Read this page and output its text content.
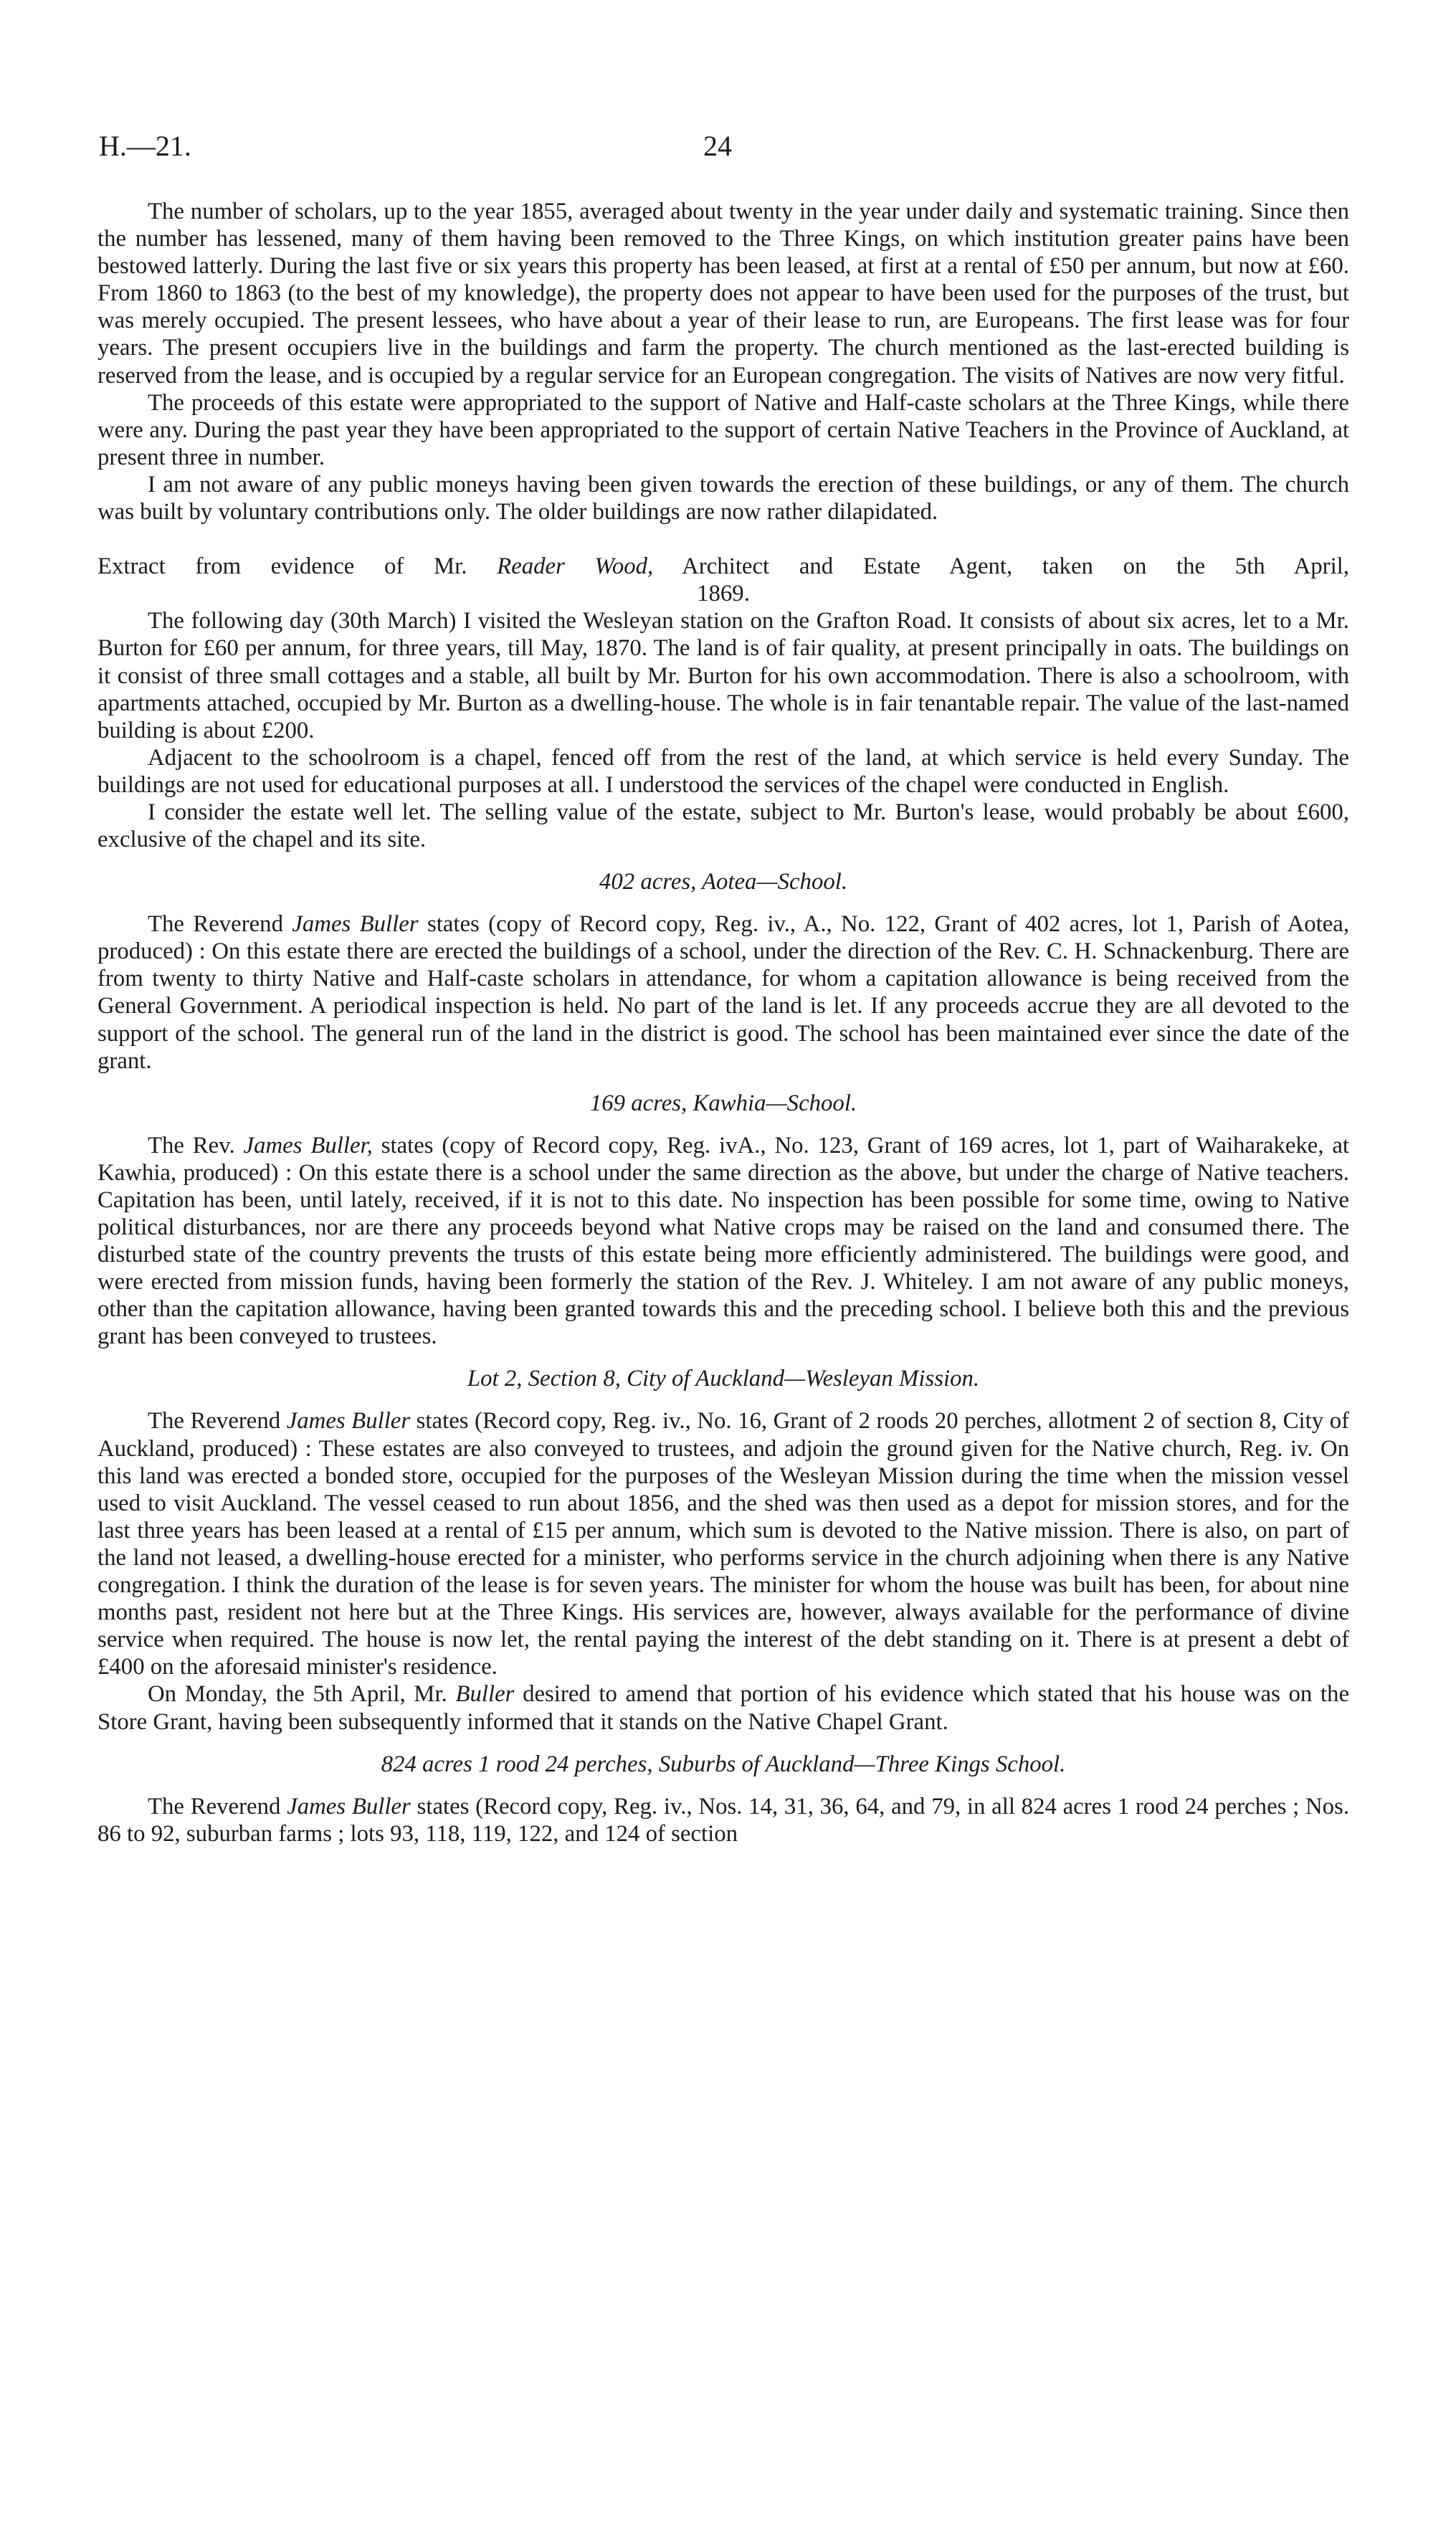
H.—21.	24

The number of scholars, up to the year 1855, averaged about twenty in the year under daily and systematic training. Since then the number has lessened, many of them having been removed to the Three Kings, on which institution greater pains have been bestowed latterly. During the last five or six years this property has been leased, at first at a rental of £50 per annum, but now at £60. From 1860 to 1863 (to the best of my knowledge), the property does not appear to have been used for the purposes of the trust, but was merely occupied. The present lessees, who have about a year of their lease to run, are Europeans. The first lease was for four years. The present occupiers live in the buildings and farm the property. The church mentioned as the last-erected building is reserved from the lease, and is occupied by a regular service for an European congregation. The visits of Natives are now very fitful.

The proceeds of this estate were appropriated to the support of Native and Half-caste scholars at the Three Kings, while there were any. During the past year they have been appropriated to the support of certain Native Teachers in the Province of Auckland, at present three in number.

I am not aware of any public moneys having been given towards the erection of these buildings, or any of them. The church was built by voluntary contributions only. The older buildings are now rather dilapidated.

Extract from evidence of Mr. Reader Wood, Architect and Estate Agent, taken on the 5th April,
1869.

The following day (30th March) I visited the Wesleyan station on the Grafton Road. It consists of about six acres, let to a Mr. Burton for £60 per annum, for three years, till May, 1870. The land is of fair quality, at present principally in oats. The buildings on it consist of three small cottages and a stable, all built by Mr. Burton for his own accommodation. There is also a schoolroom, with apartments attached, occupied by Mr. Burton as a dwelling-house. The whole is in fair tenantable repair. The value of the last-named building is about £200.

Adjacent to the schoolroom is a chapel, fenced off from the rest of the land, at which service is held every Sunday. The buildings are not used for educational purposes at all. I understood the services of the chapel were conducted in English.

I consider the estate well let. The selling value of the estate, subject to Mr. Burton's lease, would probably be about £600, exclusive of the chapel and its site.

402 acres, Aotea—School.

The Reverend James Buller states (copy of Record copy, Reg. iv., A., No. 122, Grant of 402 acres, lot 1, Parish of Aotea, produced) : On this estate there are erected the buildings of a school, under the direction of the Rev. C. H. Schnackenburg. There are from twenty to thirty Native and Half-caste scholars in attendance, for whom a capitation allowance is being received from the General Government. A periodical inspection is held. No part of the land is let. If any proceeds accrue they are all devoted to the support of the school. The general run of the land in the district is good. The school has been maintained ever since the date of the grant.

169 acres, Kawhia—School.

The Rev. James Buller, states (copy of Record copy, Reg. ivA., No. 123, Grant of 169 acres, lot 1, part of Waiharakeke, at Kawhia, produced) : On this estate there is a school under the same direction as the above, but under the charge of Native teachers. Capitation has been, until lately, received, if it is not to this date. No inspection has been possible for some time, owing to Native political disturbances, nor are there any proceeds beyond what Native crops may be raised on the land and consumed there. The disturbed state of the country prevents the trusts of this estate being more efficiently administered. The buildings were good, and were erected from mission funds, having been formerly the station of the Rev. J. Whiteley. I am not aware of any public moneys, other than the capitation allowance, having been granted towards this and the preceding school. I believe both this and the previous grant has been conveyed to trustees.

Lot 2, Section 8, City of Auckland—Wesleyan Mission.

The Reverend James Buller states (Record copy, Reg. iv., No. 16, Grant of 2 roods 20 perches, allotment 2 of section 8, City of Auckland, produced) : These estates are also conveyed to trustees, and adjoin the ground given for the Native church, Reg. iv. On this land was erected a bonded store, occupied for the purposes of the Wesleyan Mission during the time when the mission vessel used to visit Auckland. The vessel ceased to run about 1856, and the shed was then used as a depot for mission stores, and for the last three years has been leased at a rental of £15 per annum, which sum is devoted to the Native mission. There is also, on part of the land not leased, a dwelling-house erected for a minister, who performs service in the church adjoining when there is any Native congregation. I think the duration of the lease is for seven years. The minister for whom the house was built has been, for about nine months past, resident not here but at the Three Kings. His services are, however, always available for the performance of divine service when required. The house is now let, the rental paying the interest of the debt standing on it. There is at present a debt of £400 on the aforesaid minister's residence.

On Monday, the 5th April, Mr. Buller desired to amend that portion of his evidence which stated that his house was on the Store Grant, having been subsequently informed that it stands on the Native Chapel Grant.

824 acres 1 rood 24 perches, Suburbs of Auckland—Three Kings School.

The Reverend James Buller states (Record copy, Reg. iv., Nos. 14, 31, 36, 64, and 79, in all 824 acres 1 rood 24 perches ; Nos. 86 to 92, suburban farms ; lots 93, 118, 119, 122, and 124 of section
